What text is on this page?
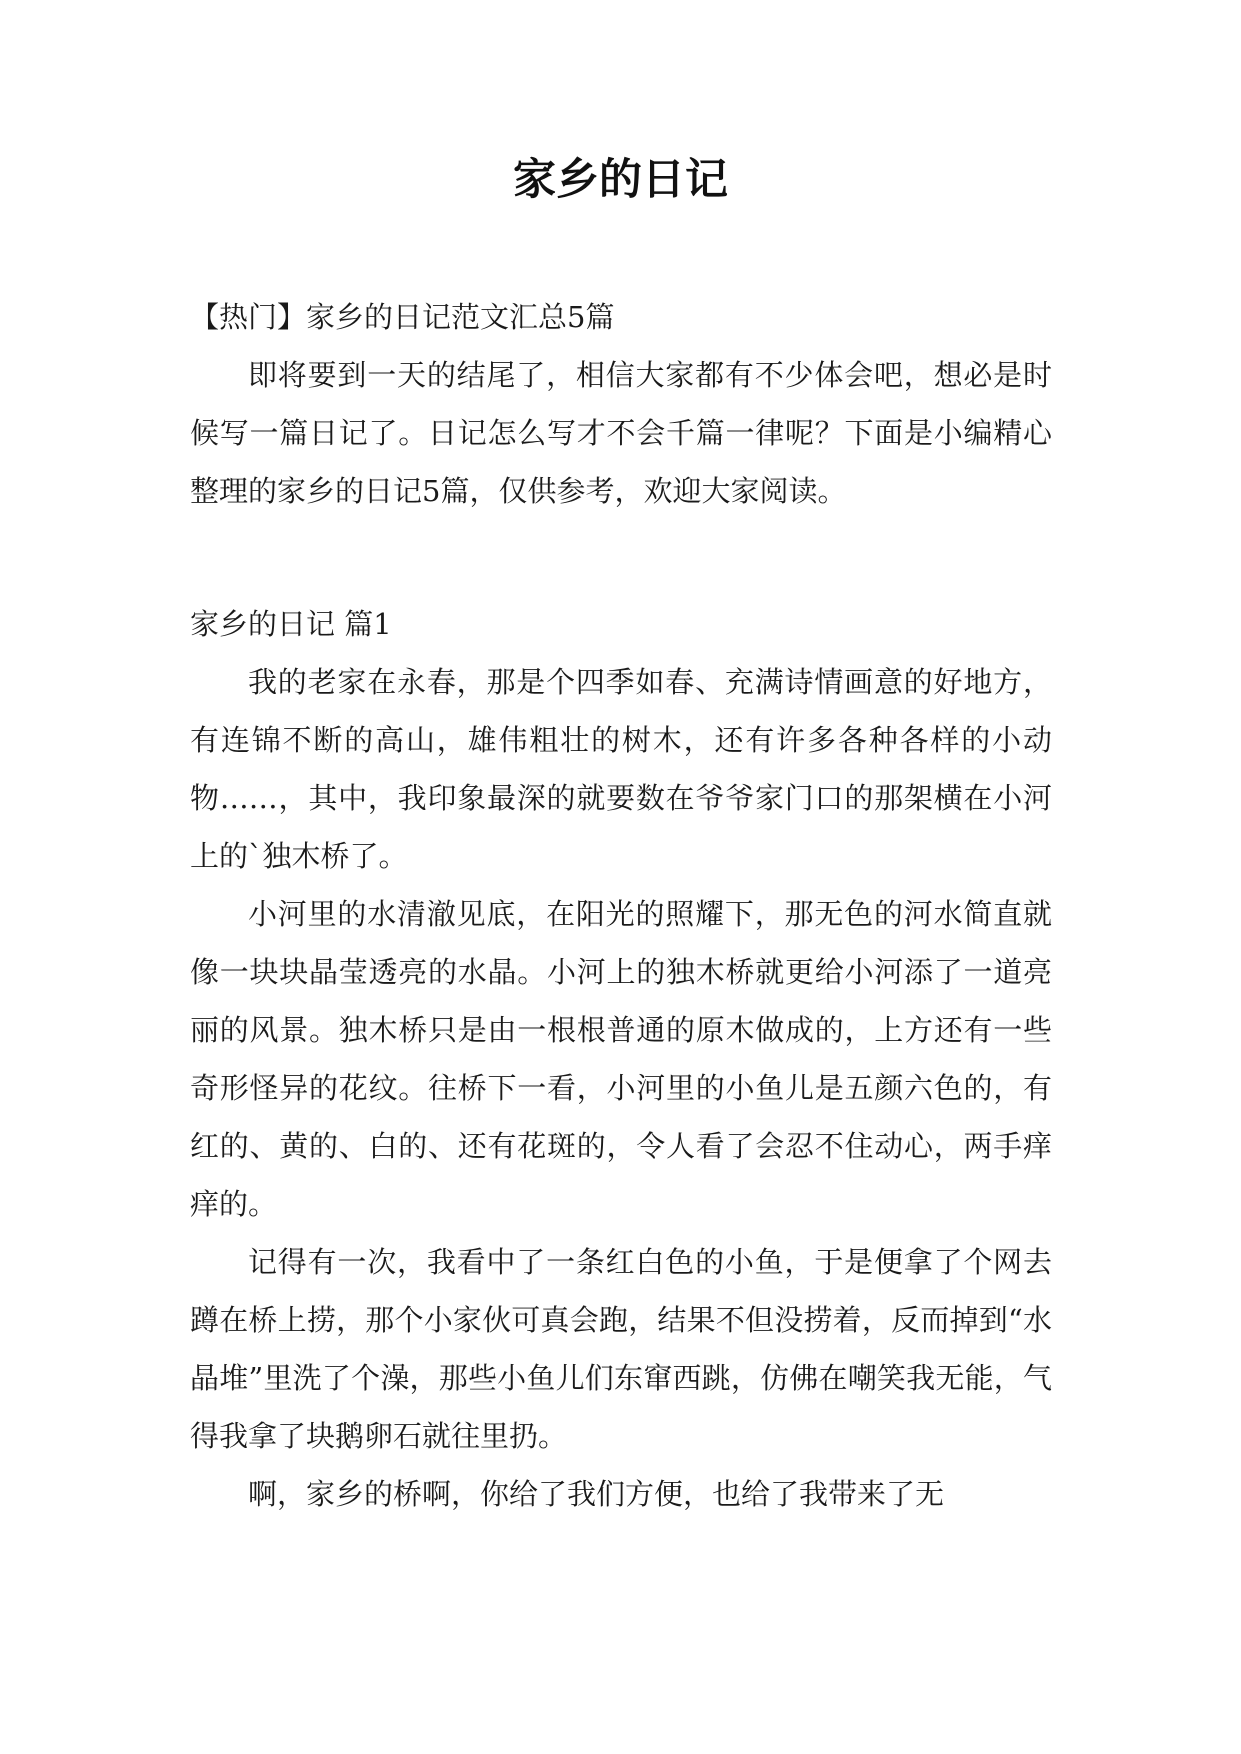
家乡的日记

【热门】家乡的日记范文汇总5篇

即将要到一天的结尾了，相信大家都有不少体会吧，想必是时候写一篇日记了。日记怎么写才不会千篇一律呢？下面是小编精心整理的家乡的日记5篇，仅供参考，欢迎大家阅读。

家乡的日记 篇1

我的老家在永春，那是个四季如春、充满诗情画意的好地方，有连锦不断的高山，雄伟粗壮的树木，还有许多各种各样的小动物……，其中，我印象最深的就要数在爷爷家门口的那架横在小河上的`独木桥了。

小河里的水清澈见底，在阳光的照耀下，那无色的河水简直就像一块块晶莹透亮的水晶。小河上的独木桥就更给小河添了一道亮丽的风景。独木桥只是由一根根普通的原木做成的，上方还有一些奇形怪异的花纹。往桥下一看，小河里的小鱼儿是五颜六色的，有红的、黄的、白的、还有花斑的，令人看了会忍不住动心，两手痒痒的。

记得有一次，我看中了一条红白色的小鱼，于是便拿了个网去蹲在桥上捞，那个小家伙可真会跑，结果不但没捞着，反而掉到“水晶堆”里洗了个澡，那些小鱼儿们东窜西跳，仿佛在嘲笑我无能，气得我拿了块鹅卵石就往里扔。

啊，家乡的桥啊，你给了我们方便，也给了我带来了无
